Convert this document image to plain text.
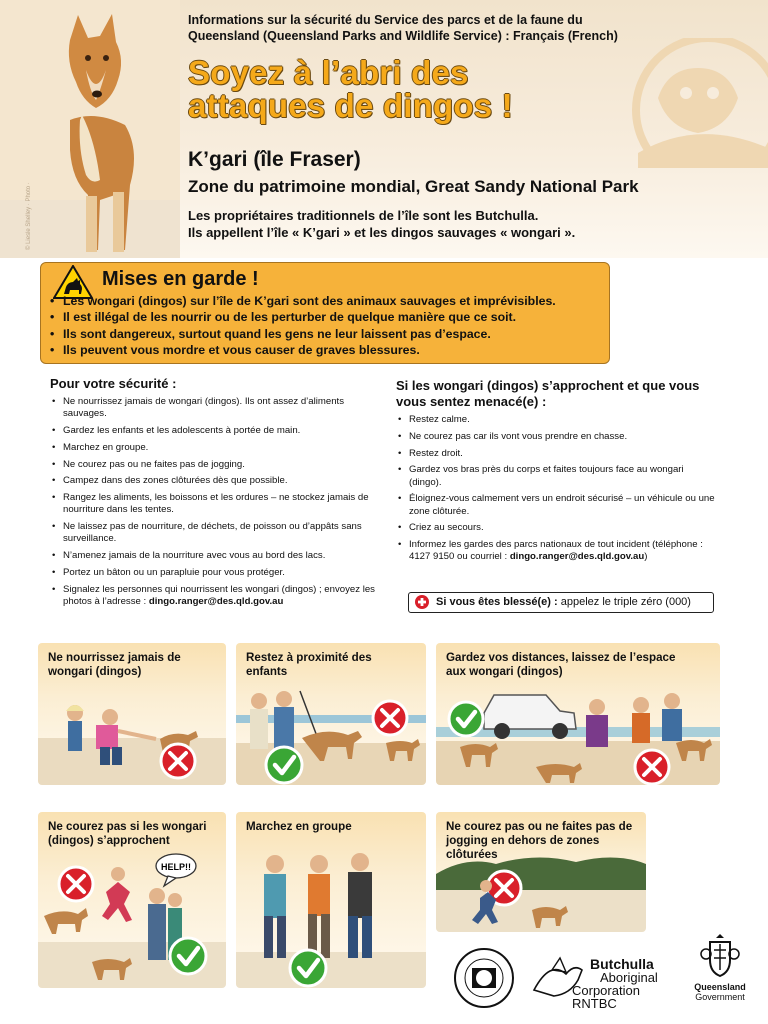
© Liesle Shelley · Photo ·
Informations sur la sécurité du Service des parcs et de la faune du
Queensland (Queensland Parks and Wildlife Service) : Français (French)
Soyez à l’abri des
attaques de dingos !
K’gari (île Fraser)
Zone du patrimoine mondial, Great Sandy National Park
Les propriétaires traditionnels de l’île sont les Butchulla.
Ils appellent l’île « K’gari » et les dingos sauvages « wongari ».
Mises en garde !
• Les wongari (dingos) sur l’île de K’gari sont des animaux sauvages et imprévisibles.
• Il est illégal de les nourrir ou de les perturber de quelque manière que ce soit.
• Ils sont dangereux, surtout quand les gens ne leur laissent pas d’espace.
• Ils peuvent vous mordre et vous causer de graves blessures.
Pour votre sécurité :
• Ne nourrissez jamais de wongari (dingos). Ils ont assez d’aliments sauvages.
• Gardez les enfants et les adolescents à portée de main.
• Marchez en groupe.
• Ne courez pas ou ne faites pas de jogging.
• Campez dans des zones clôturées dès que possible.
• Rangez les aliments, les boissons et les ordures – ne stockez jamais de nourriture dans les tentes.
• Ne laissez pas de nourriture, de déchets, de poisson ou d’appâts sans surveillance.
• N’amenez jamais de la nourriture avec vous au bord des lacs.
• Portez un bâton ou un parapluie pour vous protéger.
• Signalez les personnes qui nourrissent les wongari (dingos) ; envoyez les photos à l’adresse : dingo.ranger@des.qld.gov.au
Si les wongari (dingos) s’approchent et que vous vous sentez menacé(e) :
• Restez calme.
• Ne courez pas car ils vont vous prendre en chasse.
• Restez droit.
• Gardez vos bras près du corps et faites toujours face au wongari (dingo).
• Éloignez-vous calmement vers un endroit sécurisé – un véhicule ou une zone clôturée.
• Criez au secours.
• Informez les gardes des parcs nationaux de tout incident (téléphone : 4127 9150 ou courriel : dingo.ranger@des.qld.gov.au)
Si vous êtes blessé(e) : appelez le triple zéro (000)
Ne nourrissez jamais de wongari (dingos)
Restez à proximité des enfants
Gardez vos distances, laissez de l’espace aux wongari (dingos)
HELP!!
Ne courez pas si les wongari (dingos) s’approchent
Marchez en groupe	Ne courez pas ou ne faites pas de jogging en dehors de zones clôturées
Butchulla
Aboriginal
Corporation RNTBC
Queensland
Government
